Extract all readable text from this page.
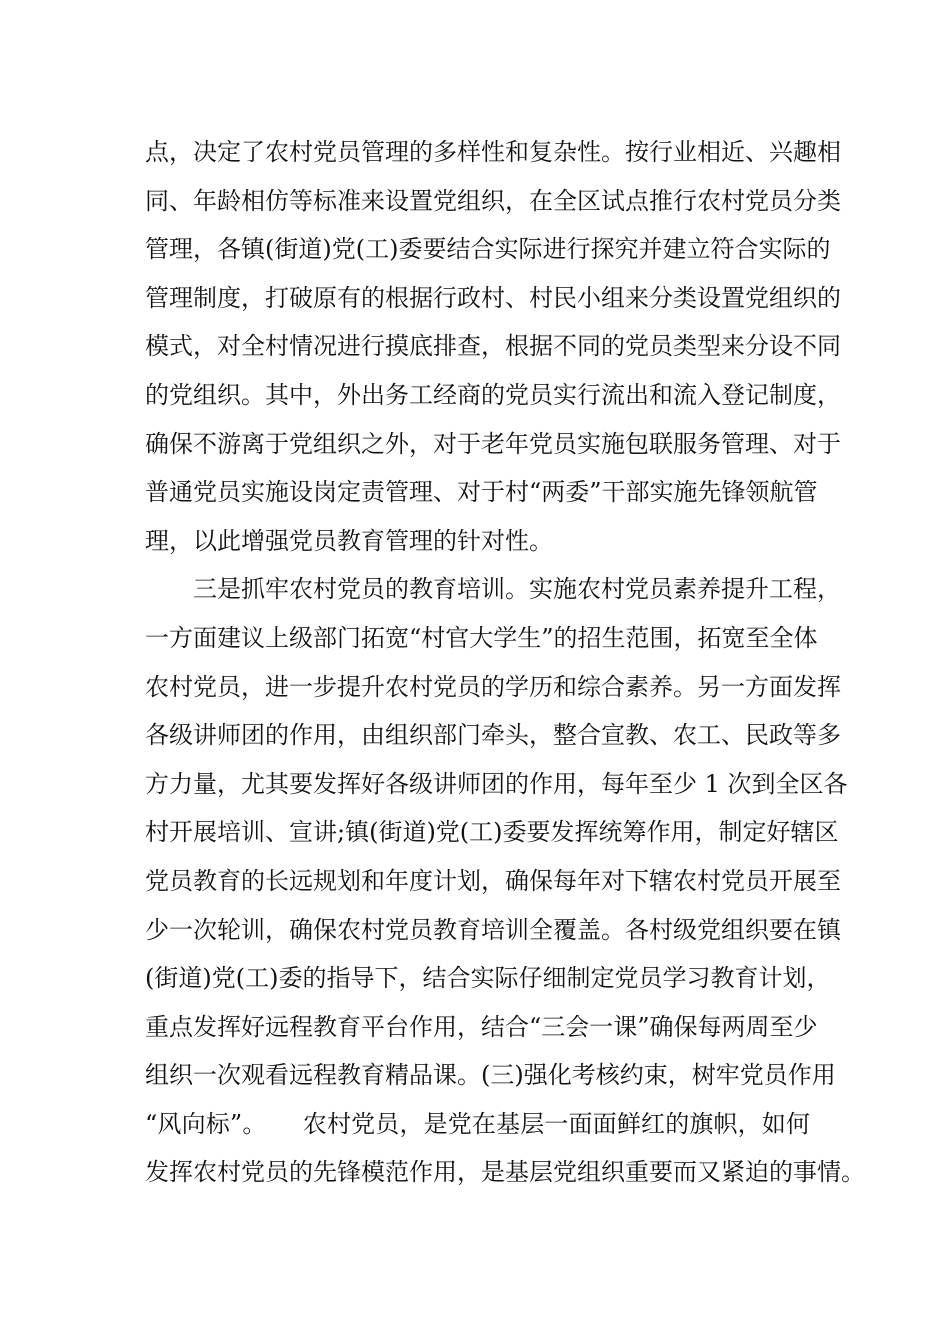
点，决定了农村党员管理的多样性和复杂性。按行业相近、兴趣相
同、年龄相仿等标准来设置党组织，在全区试点推行农村党员分类
管理，各镇(街道)党(工)委要结合实际进行探究并建立符合实际的
管理制度，打破原有的根据行政村、村民小组来分类设置党组织的
模式，对全村情况进行摸底排查，根据不同的党员类型来分设不同
的党组织。其中，外出务工经商的党员实行流出和流入登记制度，
确保不游离于党组织之外，对于老年党员实施包联服务管理、对于
普通党员实施设岗定责管理、对于村“两委”干部实施先锋领航管
理，以此增强党员教育管理的针对性。
三是抓牢农村党员的教育培训。实施农村党员素养提升工程，
一方面建议上级部门拓宽“村官大学生”的招生范围，拓宽至全体
农村党员，进一步提升农村党员的学历和综合素养。另一方面发挥
各级讲师团的作用，由组织部门牵头，整合宣教、农工、民政等多
方力量，尤其要发挥好各级讲师团的作用，每年至少 1 次到全区各
村开展培训、宣讲;镇(街道)党(工)委要发挥统筹作用，制定好辖区
党员教育的长远规划和年度计划，确保每年对下辖农村党员开展至
少一次轮训，确保农村党员教育培训全覆盖。各村级党组织要在镇
(街道)党(工)委的指导下，结合实际仔细制定党员学习教育计划，
重点发挥好远程教育平台作用，结合“三会一课”确保每两周至少
组织一次观看远程教育精品课。(三)强化考核约束，树牢党员作用
“风向标”。　　农村党员，是党在基层一面面鲜红的旗帜，如何
发挥农村党员的先锋模范作用，是基层党组织重要而又紧迫的事情。
